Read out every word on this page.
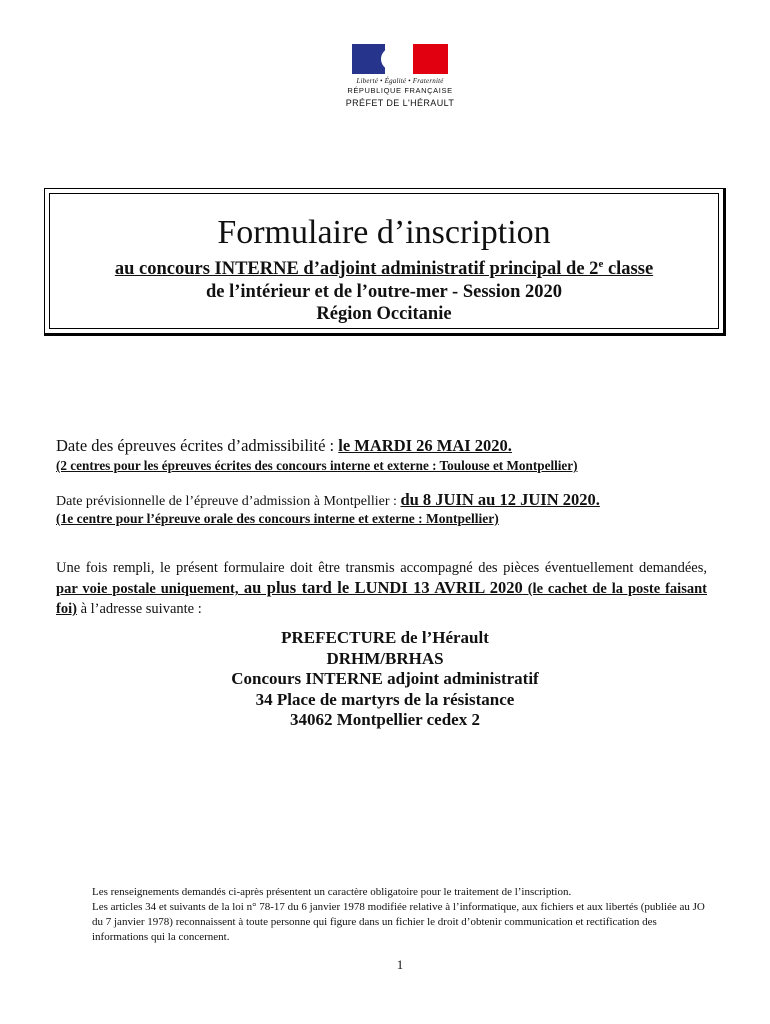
Liberté • Égalité • Fraternité
RÉPUBLIQUE FRANÇAISE
PRÉFET DE L'HÉRAULT
Formulaire d’inscription
au concours INTERNE d’adjoint administratif principal de 2e classe
de l’intérieur et de l’outre-mer - Session 2020
Région Occitanie
Date des épreuves écrites d’admissibilité : le MARDI 26 MAI 2020.
(2 centres pour les épreuves écrites des concours interne et externe : Toulouse et Montpellier)
Date prévisionnelle de l’épreuve d’admission à Montpellier : du 8 JUIN au 12 JUIN 2020.
(1e centre pour l’épreuve orale des concours interne et externe : Montpellier)
Une fois rempli, le présent formulaire doit être transmis accompagné des pièces éventuellement demandées, par voie postale uniquement, au plus tard le LUNDI 13 AVRIL 2020 (le cachet de la poste faisant foi) à l’adresse suivante :
PREFECTURE de l’Hérault
DRHM/BRHAS
Concours INTERNE adjoint administratif
34 Place de martyrs de la résistance
34062 Montpellier cedex 2
Les renseignements demandés ci-après présentent un caractère obligatoire pour le traitement de l’inscription.
Les articles 34 et suivants de la loi n° 78-17 du 6 janvier 1978 modifiée relative à l’informatique, aux fichiers et aux libertés (publiée au JO du 7 janvier 1978) reconnaissent à toute personne qui figure dans un fichier le droit d’obtenir communication et rectification des informations qui la concernent.
1
